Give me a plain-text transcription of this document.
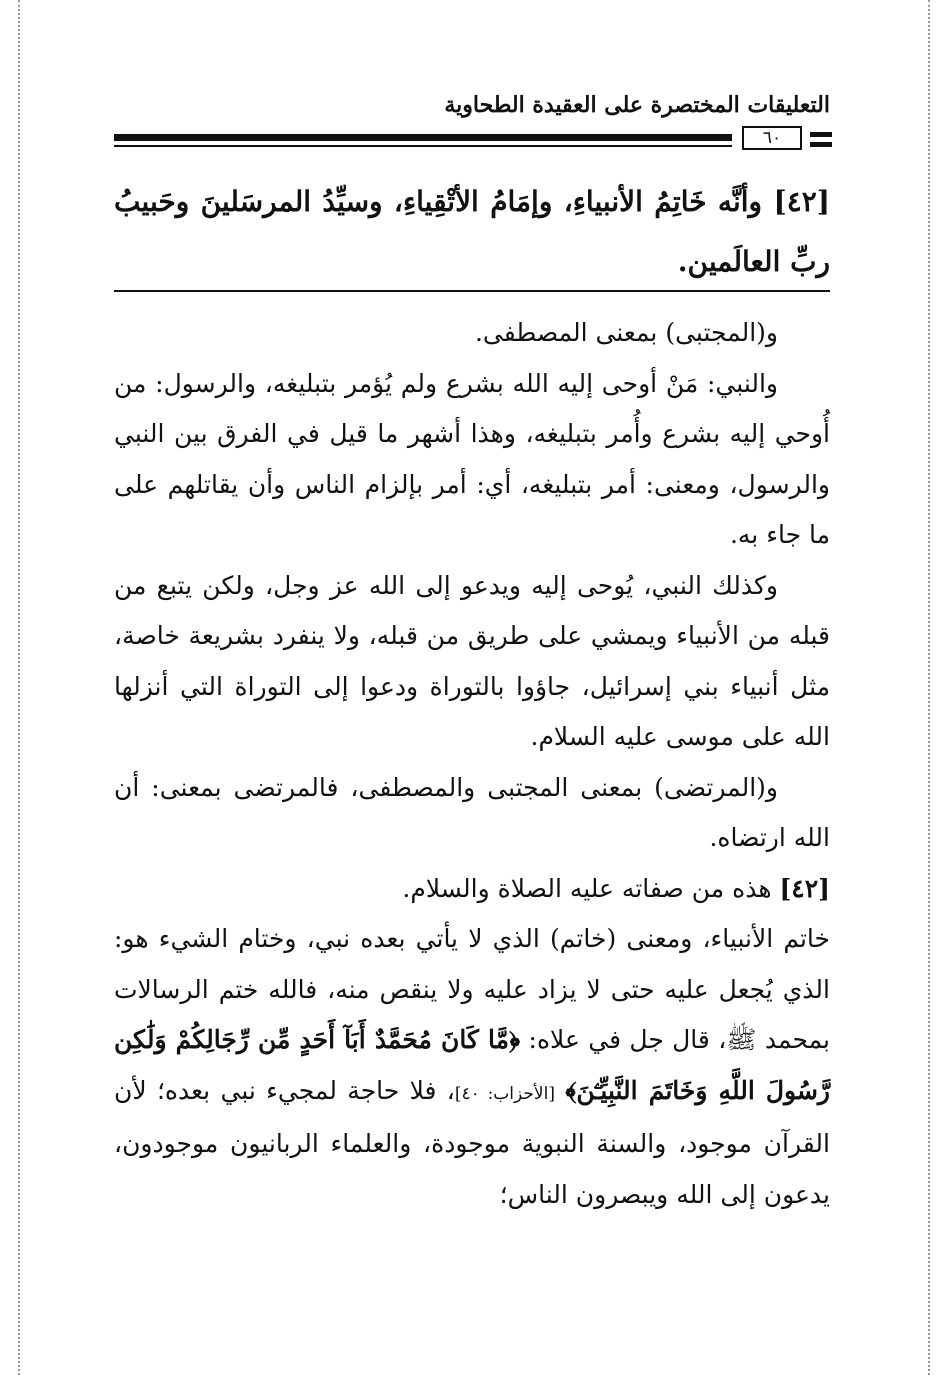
التعليقات المختصرة على العقيدة الطحاوية
٦٠
[٤٢] وأنَّه خَاتِمُ الأنبياءِ، وإمَامُ الأتْقِياءِ، وسيِّدُ المرسَلينَ وحَبيبُ ربِّ العالَمين.

و(المجتبى) بمعنى المصطفى.

والنبي: مَنْ أوحى إليه الله بشرع ولم يُؤمر بتبليغه، والرسول: من أُوحي إليه بشرع وأُمر بتبليغه، وهذا أشهر ما قيل في الفرق بين النبي والرسول، ومعنى: أمر بتبليغه، أي: أمر بإلزام الناس وأن يقاتلهم على ما جاء به.

وكذلك النبي، يُوحى إليه ويدعو إلى الله عز وجل، ولكن يتبع من قبله من الأنبياء ويمشي على طريق من قبله، ولا ينفرد بشريعة خاصة، مثل أنبياء بني إسرائيل، جاؤوا بالتوراة ودعوا إلى التوراة التي أنزلها الله على موسى عليه السلام.

و(المرتضى) بمعنى المجتبى والمصطفى، فالمرتضى بمعنى: أن الله ارتضاه.

[٤٢] هذه من صفاته عليه الصلاة والسلام.

خاتم الأنبياء، ومعنى (خاتم) الذي لا يأتي بعده نبي، وختام الشيء هو: الذي يُجعل عليه حتى لا يزاد عليه ولا ينقص منه، فالله ختم الرسالات بمحمد ﷺ، قال جل في علاه: ﴿مَّا كَانَ مُحَمَّدٌ أَبَآ أَحَدٍ مِّن رِّجَالِكُمْ وَلَٰكِن رَّسُولَ اللَّهِ وَخَاتَمَ النَّبِيِّـۧنَ﴾ [الأحزاب: ٤٠]، فلا حاجة لمجيء نبي بعده؛ لأن القرآن موجود، والسنة النبوية موجودة، والعلماء الربانيون موجودون، يدعون إلى الله ويبصرون الناس؛
